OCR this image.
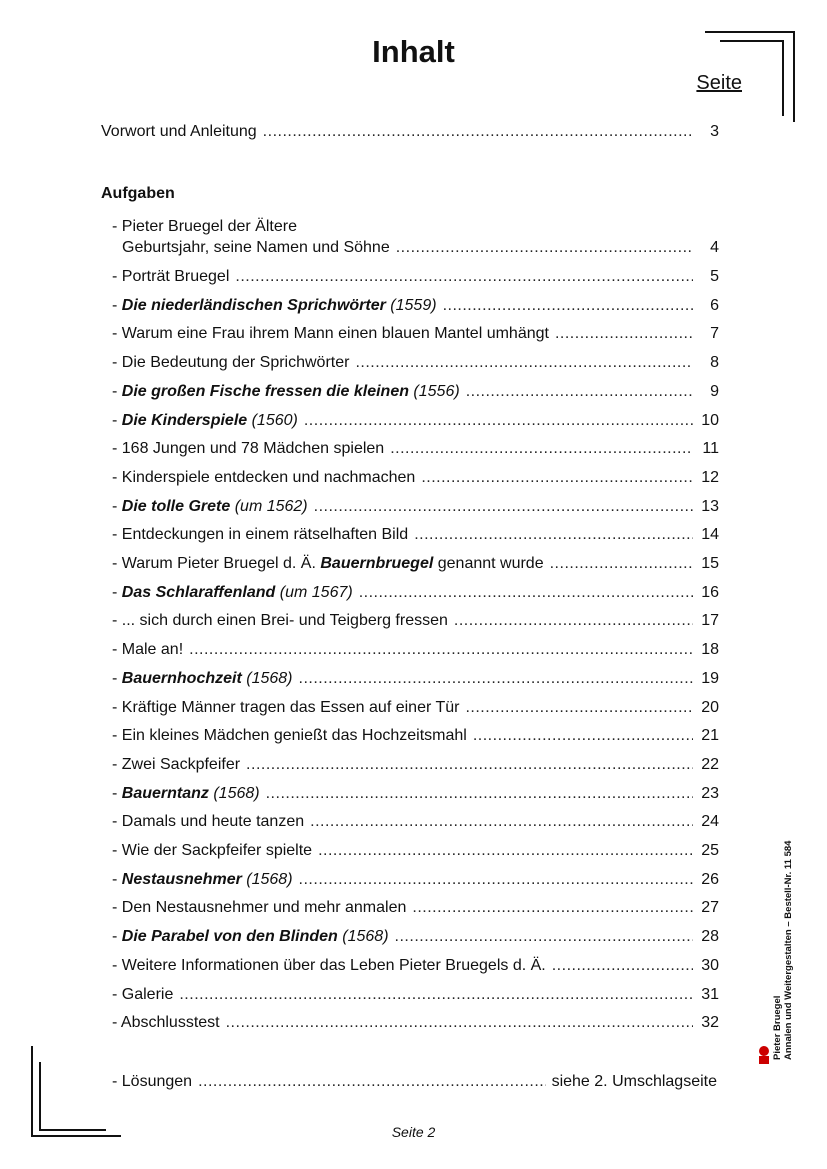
Inhalt
Seite
Vorwort und Anleitung .....	3
Aufgaben
- Pieter Bruegel der Ältere
Geburtsjahr, seine Namen und Söhne .....	4
- Porträt Bruegel .....	5
- Die niederländischen Sprichwörter (1559) .....	6
- Warum eine Frau ihrem Mann einen blauen Mantel umhängt .....	7
- Die Bedeutung der Sprichwörter .....	8
- Die großen Fische fressen die kleinen (1556) .....	9
- Die Kinderspiele (1560) .....	10
- 168 Jungen und 78 Mädchen spielen .....	11
- Kinderspiele entdecken und nachmachen .....	12
- Die tolle Grete (um 1562) .....	13
- Entdeckungen in einem rätselhaften Bild .....	14
- Warum Pieter Bruegel d. Ä. Bauernbruegel genannt wurde .....	15
- Das Schlaraffenland (um 1567) .....	16
- ... sich durch einen Brei- und Teigberg fressen .....	17
- Male an! .....	18
- Bauernhochzeit (1568) .....	19
- Kräftige Männer tragen das Essen auf einer Tür .....	20
- Ein kleines Mädchen genießt das Hochzeitsmahl .....	21
- Zwei Sackpfeifer .....	22
- Bauerntanz (1568) .....	23
- Damals und heute tanzen .....	24
- Wie der Sackpfeifer spielte .....	25
- Nestausnehmer (1568) .....	26
- Den Nestausnehmer und mehr anmalen .....	27
- Die Parabel von den Blinden (1568) .....	28
- Weitere Informationen über das Leben Pieter Bruegels d. Ä. .....	30
- Galerie .....	31
- Abschlusstest .....	32
- Lösungen .....	siehe 2. Umschlagseite
Seite 2
Pieter Bruegel Annalen und Weitergestalten – Bestell-Nr. 11 584
